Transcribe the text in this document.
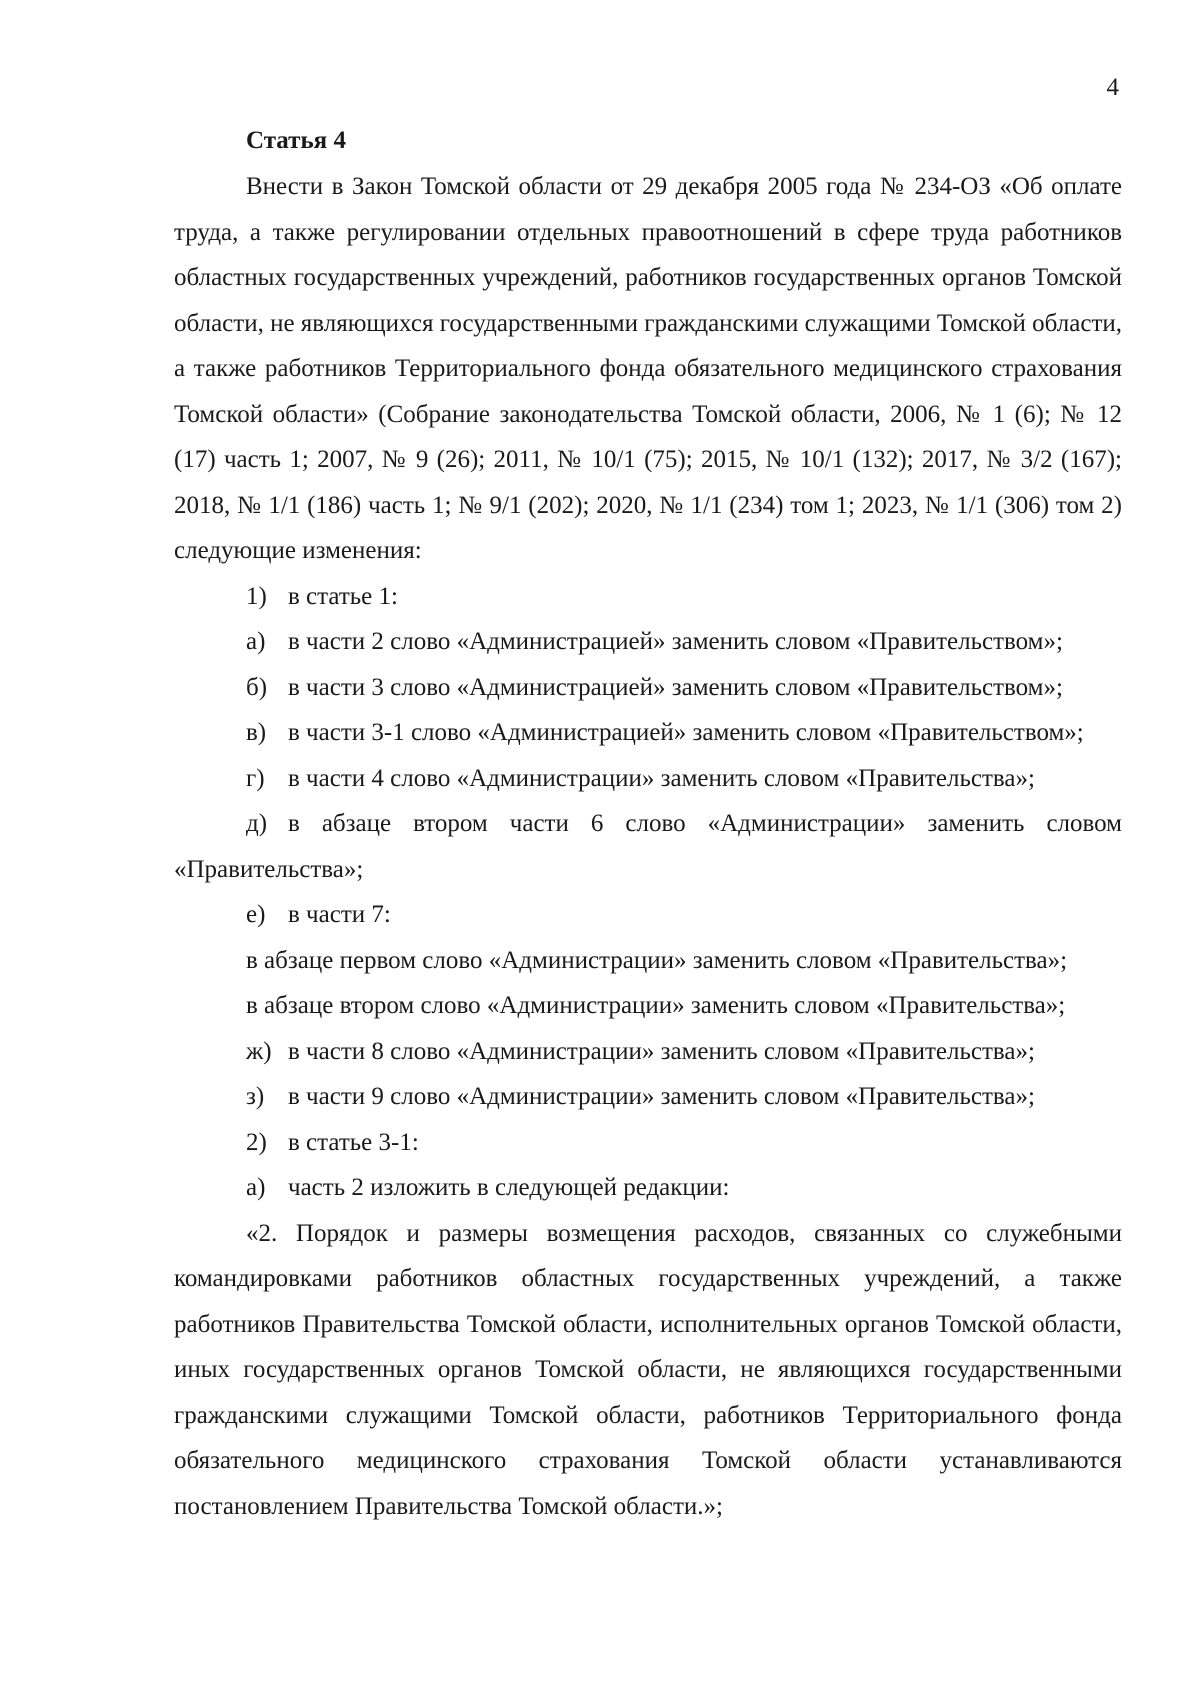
4

Статья 4

Внести в Закон Томской области от 29 декабря 2005 года № 234-ОЗ «Об оплате труда, а также регулировании отдельных правоотношений в сфере труда работников областных государственных учреждений, работников государственных органов Томской области, не являющихся государственными гражданскими служащими Томской области, а также работников Территориального фонда обязательного медицинского страхования Томской области» (Собрание законодательства Томской области, 2006, № 1 (6); № 12 (17) часть 1; 2007, № 9 (26); 2011, № 10/1 (75); 2015, № 10/1 (132); 2017, № 3/2 (167); 2018, № 1/1 (186) часть 1; № 9/1 (202); 2020, № 1/1 (234) том 1; 2023, № 1/1 (306) том 2) следующие изменения:

1) в статье 1:

а) в части 2 слово «Администрацией» заменить словом «Правительством»;

б) в части 3 слово «Администрацией» заменить словом «Правительством»;

в) в части 3-1 слово «Администрацией» заменить словом «Правительством»;

г) в части 4 слово «Администрации» заменить словом «Правительства»;

д) в абзаце втором части 6 слово «Администрации» заменить словом «Правительства»;

е) в части 7:

в абзаце первом слово «Администрации» заменить словом «Правительства»;

в абзаце втором слово «Администрации» заменить словом «Правительства»;

ж) в части 8 слово «Администрации» заменить словом «Правительства»;

з) в части 9 слово «Администрации» заменить словом «Правительства»;

2) в статье 3-1:

а) часть 2 изложить в следующей редакции:

«2. Порядок и размеры возмещения расходов, связанных со служебными командировками работников областных государственных учреждений, а также работников Правительства Томской области, исполнительных органов Томской области, иных государственных органов Томской области, не являющихся государственными гражданскими служащими Томской области, работников Территориального фонда обязательного медицинского страхования Томской области устанавливаются постановлением Правительства Томской области.»;
